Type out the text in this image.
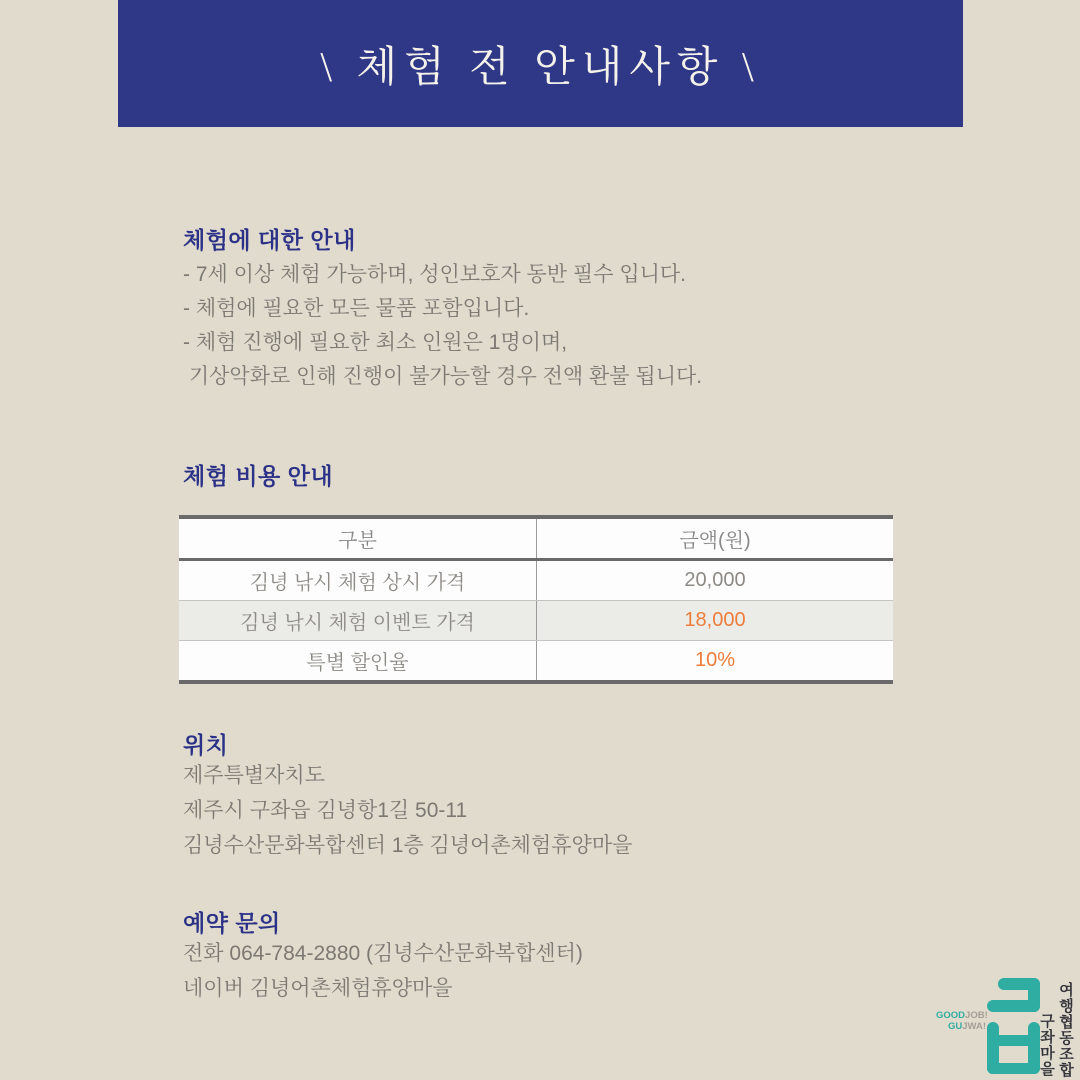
\ 체험 전 안내사항 \
체험에 대한 안내
- 7세 이상 체험 가능하며, 성인보호자 동반 필수 입니다.
- 체험에 필요한 모든 물품 포함입니다.
- 체험 진행에 필요한 최소 인원은 1명이며,
기상악화로 인해 진행이 불가능할 경우 전액 환불 됩니다.
체험 비용 안내
구분	금액(원)
김녕 낚시 체험 상시 가격	20,000
김녕 낚시 체험 이벤트 가격	18,000
특별 할인율	10%
위치
제주특별자치도
제주시 구좌읍 김녕항1길 50-11
김녕수산문화복합센터 1층 김녕어촌체험휴양마을
예약 문의
전화 064-784-2880 (김녕수산문화복합센터)
네이버 김녕어촌체험휴양마을
GOODJOB!
GUJWA!	여행협동조합
구좌마을
